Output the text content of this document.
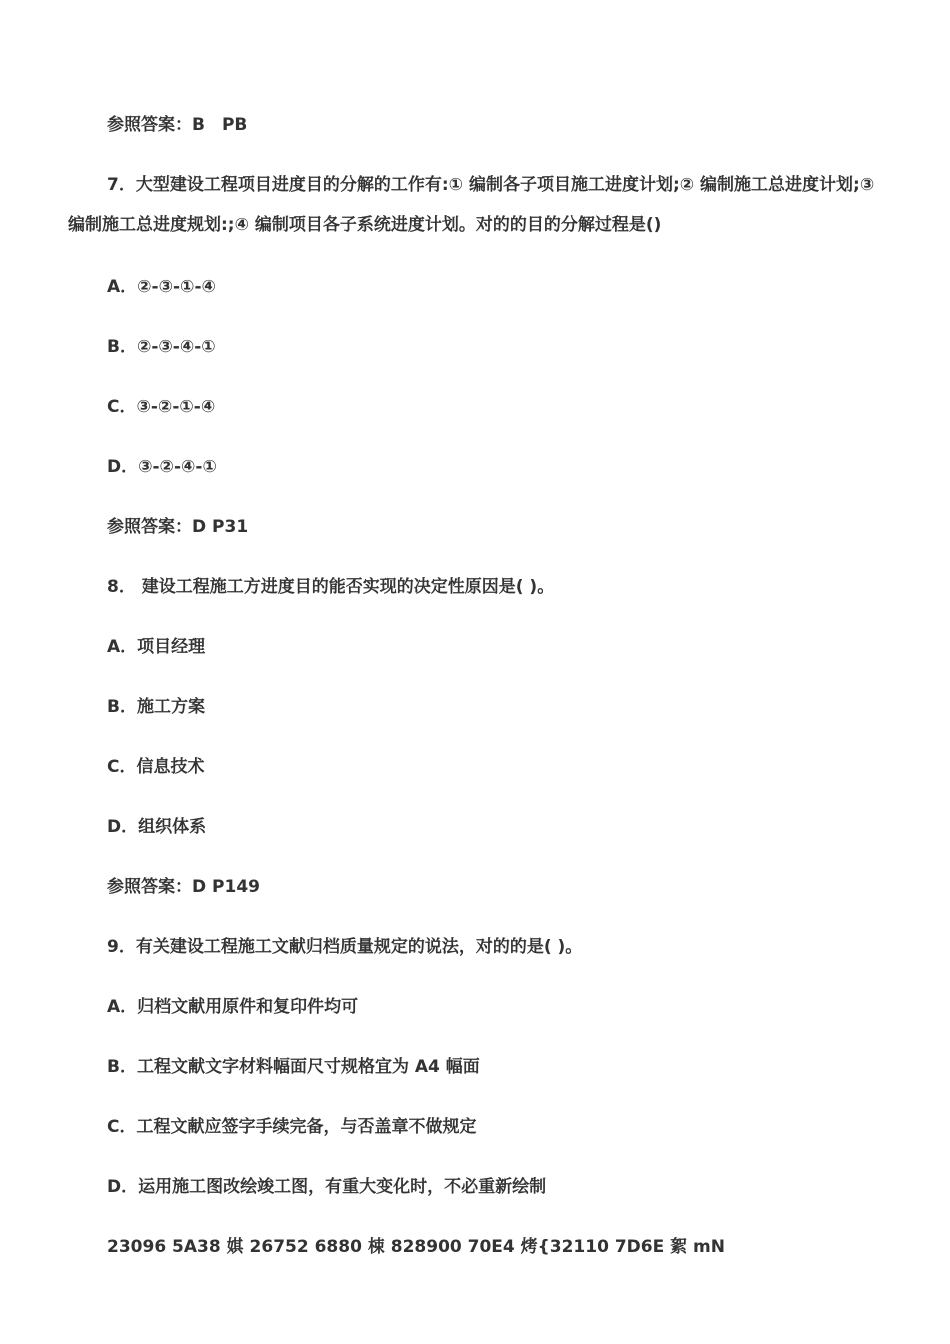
参照答案：B　PB
7．大型建设工程项目进度目的分解的工作有:① 编制各子项目施工进度计划;② 编制施工总进度计划;③ 编制施工总进度规划:;④ 编制项目各子系统进度计划。对的的目的分解过程是()
A．②-③-①-④
B．②-③-④-①
C．③-②-①-④
D．③-②-④-①
参照答案：D P31
8． 建设工程施工方进度目的能否实现的决定性原因是( )。
A．项目经理
B．施工方案
C．信息技术
D．组织体系
参照答案：D P149
9．有关建设工程施工文献归档质量规定的说法，对的的是( )。
A．归档文献用原件和复印件均可
B．工程文献文字材料幅面尺寸规格宜为 A4 幅面
C．工程文献应签字手续完备，与否盖章不做规定
D．运用施工图改绘竣工图，有重大变化时，不必重新绘制
23096 5A38 娸 26752 6880 梀 828900 70E4 烤{32110 7D6E 絮 mN
